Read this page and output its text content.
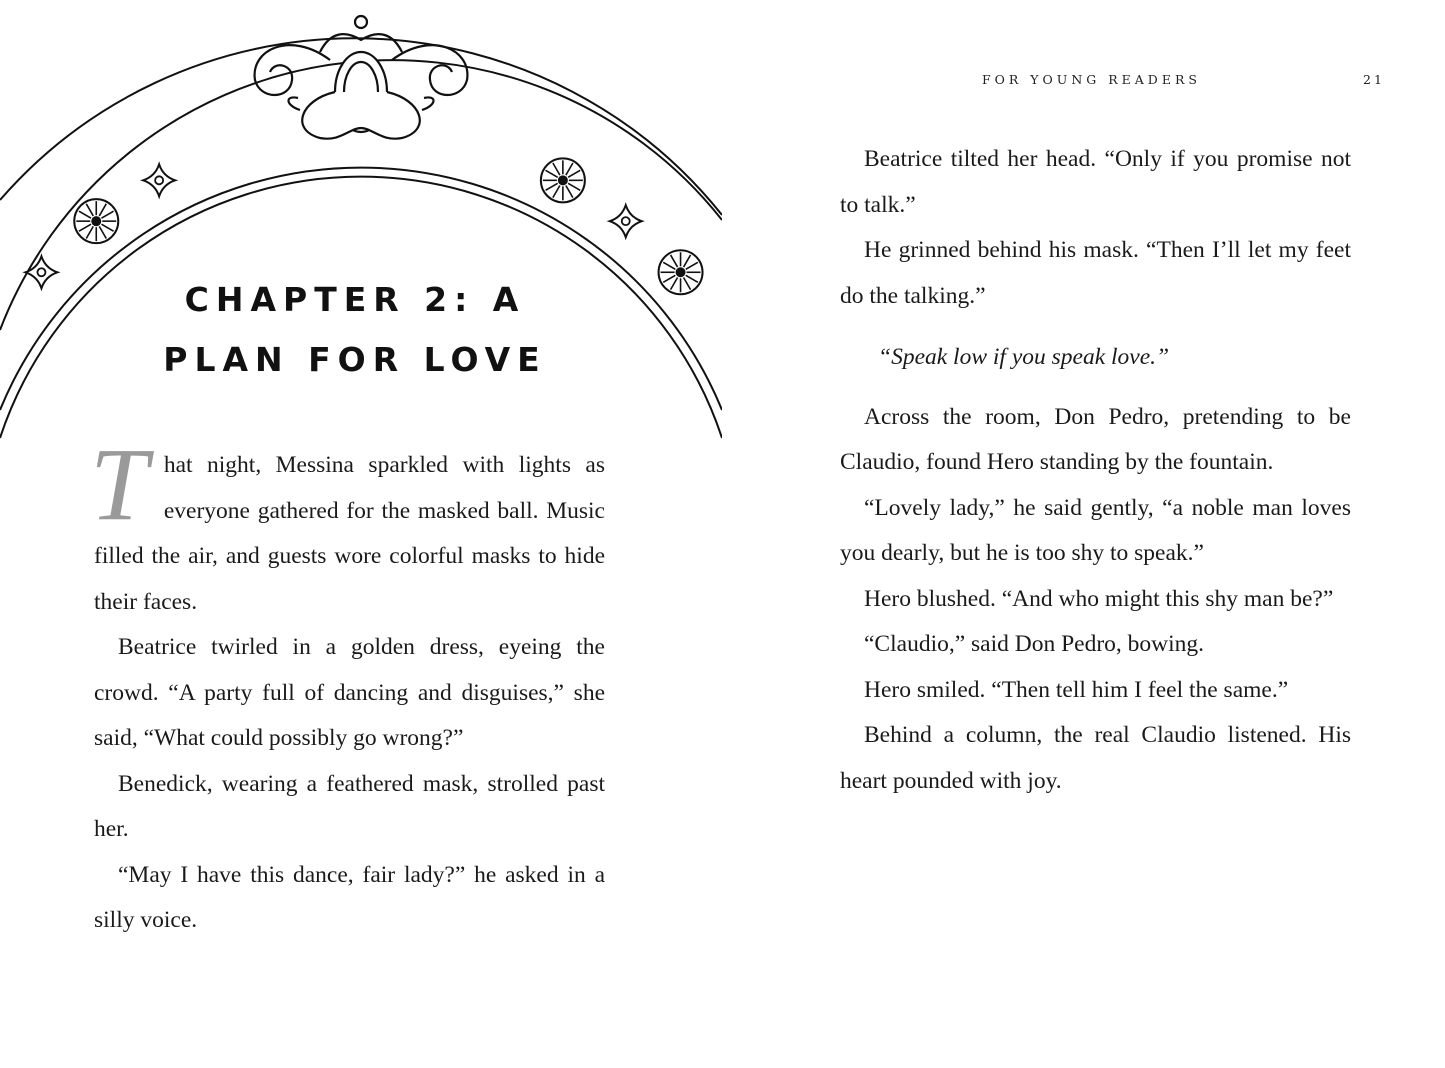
CHAPTER 2: A
PLAN FOR LOVE

That night, Messina sparkled with lights as everyone gathered for the masked ball. Music filled the air, and guests wore colorful masks to hide their faces.

Beatrice twirled in a golden dress, eyeing the crowd. “A party full of dancing and disguises,” she said, “What could possibly go wrong?”

Benedick, wearing a feathered mask, strolled past her.

“May I have this dance, fair lady?” he asked in a silly voice.

FOR YOUNG READERS	21

Beatrice tilted her head. “Only if you promise not to talk.”

He grinned behind his mask. “Then I’ll let my feet do the talking.”

“Speak low if you speak love.”

Across the room, Don Pedro, pretending to be Claudio, found Hero standing by the fountain.

“Lovely lady,” he said gently, “a noble man loves you dearly, but he is too shy to speak.”

Hero blushed. “And who might this shy man be?”

“Claudio,” said Don Pedro, bowing.

Hero smiled. “Then tell him I feel the same.”

Behind a column, the real Claudio listened. His heart pounded with joy.
